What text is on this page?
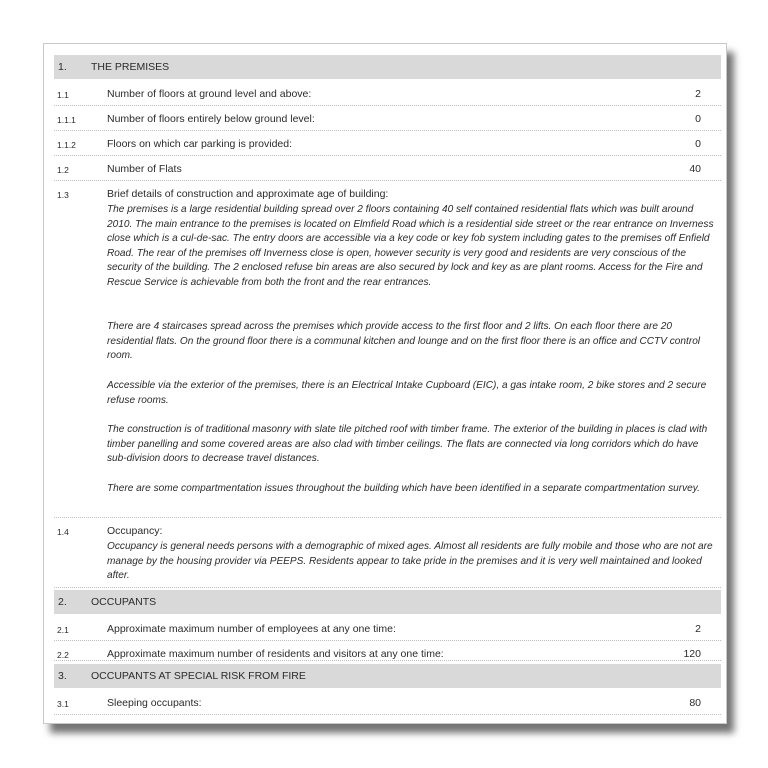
1. THE PREMISES
1.1	Number of floors at ground level and above:	2
1.1.1	Number of floors entirely below ground level:	0
1.1.2	Floors on which car parking is provided:	0
1.2	Number of Flats	40
1.3	Brief details of construction and approximate age of building:

The premises is a large residential building spread over 2 floors containing 40 self contained residential flats which was built around 2010. The main entrance to the premises is located on Elmfield Road which is a residential side street or the rear entrance on Inverness close which is a cul-de-sac. The entry doors are accessible via a key code or key fob system including gates to the premises off Enfield Road. The rear of the premises off Inverness close is open, however security is very good and residents are very conscious of the security of the building. The 2 enclosed refuse bin areas are also secured by lock and key as are plant rooms. Access for the Fire and Rescue Service is achievable from both the front and the rear entrances.

There are 4 staircases spread across the premises which provide access to the first floor and 2 lifts. On each floor there are 20 residential flats. On the ground floor there is a communal kitchen and lounge and on the first floor there is an office and CCTV control room.

Accessible via the exterior of the premises, there is an Electrical Intake Cupboard (EIC), a gas intake room, 2 bike stores and 2 secure refuse rooms.

The construction is of traditional masonry with slate tile pitched roof with timber frame. The exterior of the building in places is clad with timber panelling and some covered areas are also clad with timber ceilings. The flats are connected via long corridors which do have sub-division doors to decrease travel distances.

There are some compartmentation issues throughout the building which have been identified in a separate compartmentation survey.

1.4	Occupancy:

Occupancy is general needs persons with a demographic of mixed ages. Almost all residents are fully mobile and those who are not are manage by the housing provider via PEEPS. Residents appear to take pride in the premises and it is very well maintained and looked after.

2. OCCUPANTS
2.1	Approximate maximum number of employees at any one time:	2
2.2	Approximate maximum number of residents and visitors at any one time:	120
3. OCCUPANTS AT SPECIAL RISK FROM FIRE
3.1	Sleeping occupants:	80
